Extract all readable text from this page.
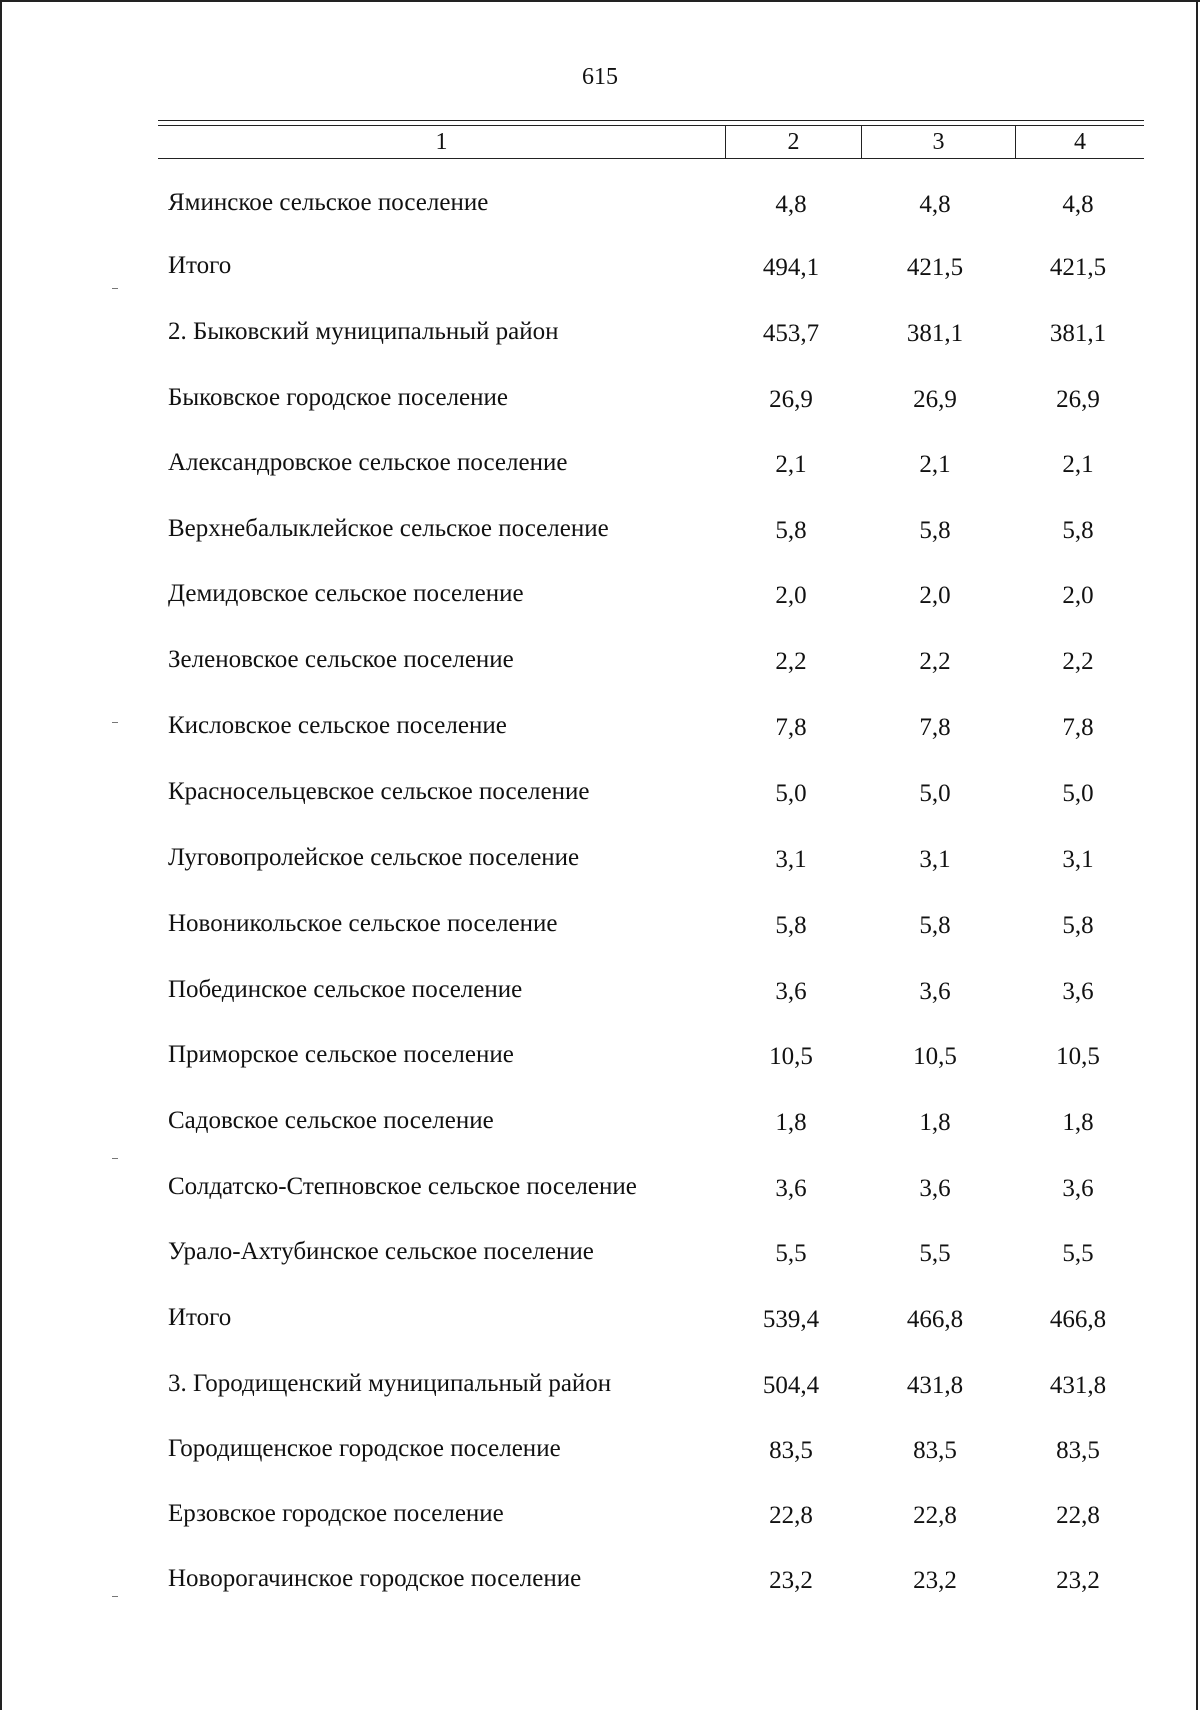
615
1	2	3	4
Яминское сельское поселение	4,8	4,8	4,8
Итого	494,1	421,5	421,5
2. Быковский муниципальный район	453,7	381,1	381,1
Быковское городское поселение	26,9	26,9	26,9
Александровское сельское поселение	2,1	2,1	2,1
Верхнебалыклейское сельское поселение	5,8	5,8	5,8
Демидовское сельское поселение	2,0	2,0	2,0
Зеленовское сельское поселение	2,2	2,2	2,2
Кисловское сельское поселение	7,8	7,8	7,8
Красносельцевское сельское поселение	5,0	5,0	5,0
Луговопролейское сельское поселение	3,1	3,1	3,1
Новоникольское сельское поселение	5,8	5,8	5,8
Побединское сельское поселение	3,6	3,6	3,6
Приморское сельское поселение	10,5	10,5	10,5
Садовское сельское поселение	1,8	1,8	1,8
Солдатско-Степновское сельское поселение	3,6	3,6	3,6
Урало-Ахтубинское сельское поселение	5,5	5,5	5,5
Итого	539,4	466,8	466,8
3. Городищенский муниципальный район	504,4	431,8	431,8
Городищенское городское поселение	83,5	83,5	83,5
Ерзовское городское поселение	22,8	22,8	22,8
Новорогачинское городское поселение	23,2	23,2	23,2
